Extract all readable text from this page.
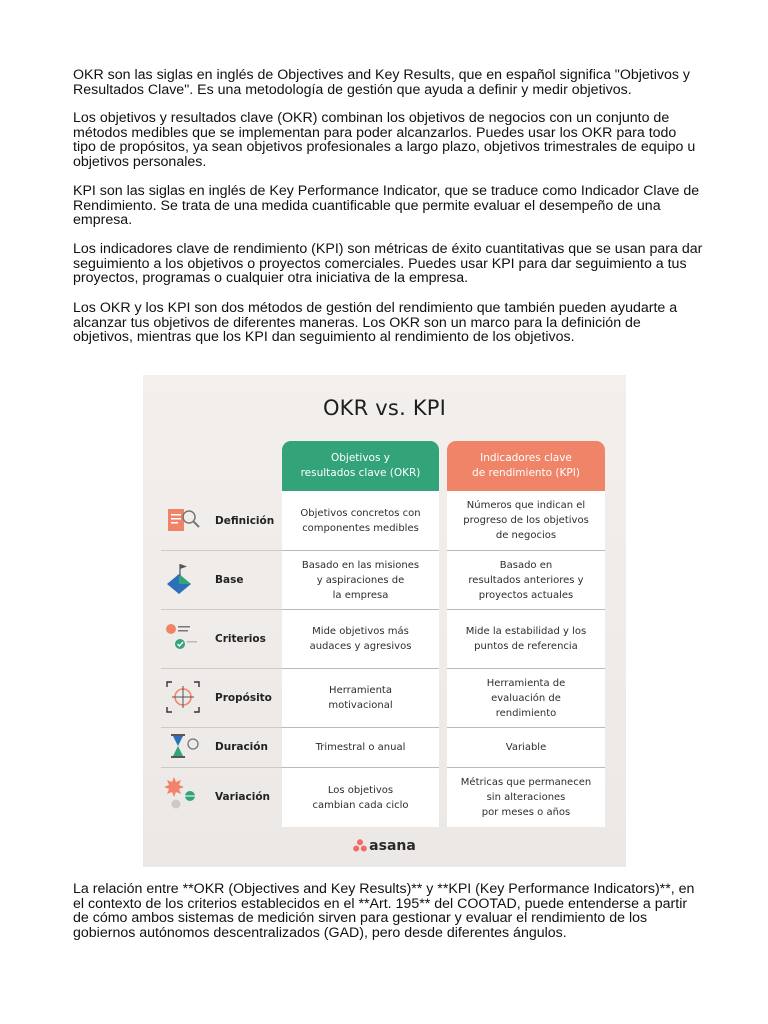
OKR son las siglas en inglés de Objectives and Key Results, que en español significa "Objetivos y Resultados Clave". Es una metodología de gestión que ayuda a definir y medir objetivos.

Los objetivos y resultados clave (OKR) combinan los objetivos de negocios con un conjunto de métodos medibles que se implementan para poder alcanzarlos. Puedes usar los OKR para todo tipo de propósitos, ya sean objetivos profesionales a largo plazo, objetivos trimestrales de equipo u objetivos personales.

KPI son las siglas en inglés de Key Performance Indicator, que se traduce como Indicador Clave de Rendimiento. Se trata de una medida cuantificable que permite evaluar el desempeño de una empresa.

Los indicadores clave de rendimiento (KPI) son métricas de éxito cuantitativas que se usan para dar seguimiento a los objetivos o proyectos comerciales. Puedes usar KPI para dar seguimiento a tus proyectos, programas o cualquier otra iniciativa de la empresa.

Los OKR y los KPI son dos métodos de gestión del rendimiento que también pueden ayudarte a alcanzar tus objetivos de diferentes maneras. Los OKR son un marco para la definición de objetivos, mientras que los KPI dan seguimiento al rendimiento de los objetivos.

OKR vs. KPI
Objetivos y
resultados clave (OKR)
Indicadores clave
de rendimiento (KPI)
Definición
Objetivos concretos con
componentes medibles
Números que indican el
progreso de los objetivos
de negocios
Base
Basado en las misiones
y aspiraciones de
la empresa
Basado en
resultados anteriores y
proyectos actuales
Criterios
Mide objetivos más
audaces y agresivos
Mide la estabilidad y los
puntos de referencia
Propósito
Herramienta
motivacional
Herramienta de
evaluación de
rendimiento
Duración	Trimestral o anual	Variable
Variación
Los objetivos
cambian cada ciclo
Métricas que permanecen
sin alteraciones
por meses o años
asana

La relación entre **OKR (Objectives and Key Results)** y **KPI (Key Performance Indicators)**, en el contexto de los criterios establecidos en el **Art. 195** del COOTAD, puede entenderse a partir de cómo ambos sistemas de medición sirven para gestionar y evaluar el rendimiento de los gobiernos autónomos descentralizados (GAD), pero desde diferentes ángulos.
